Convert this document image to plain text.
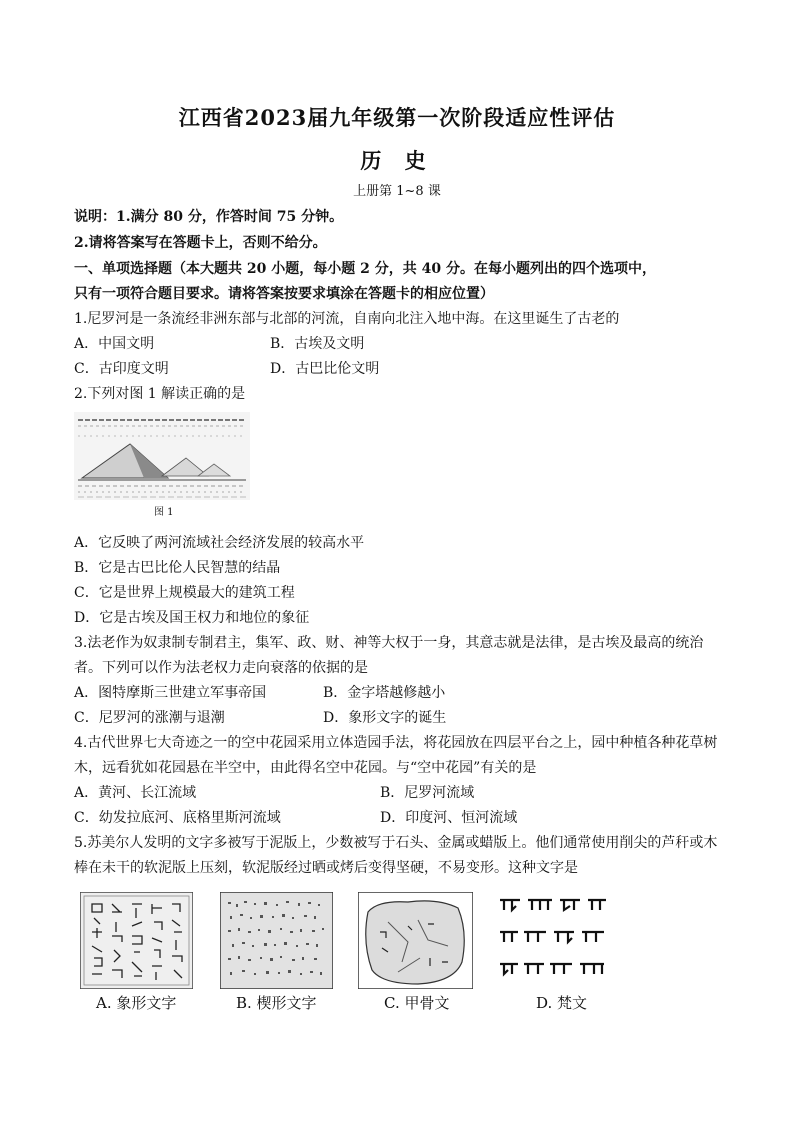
江西省2023届九年级第一次阶段适应性评估
历 史
上册第 1~8 课
说明：1.满分 80 分，作答时间 75 分钟。
2.请将答案写在答题卡上，否则不给分。
一、单项选择题（本大题共 20 小题，每小题 2 分，共 40 分。在每小题列出的四个选项中，
只有一项符合题目要求。请将答案按要求填涂在答题卡的相应位置）
1.尼罗河是一条流经非洲东部与北部的河流，自南向北注入地中海。在这里诞生了古老的
A．中国文明	B．古埃及文明
C．古印度文明	D．古巴比伦文明
2.下列对图 1 解读正确的是
图 1
A．它反映了两河流域社会经济发展的较高水平
B．它是古巴比伦人民智慧的结晶
C．它是世界上规模最大的建筑工程
D．它是古埃及国王权力和地位的象征
3.法老作为奴隶制专制君主，集军、政、财、神等大权于一身，其意志就是法律，是古埃及最高的统治
者。下列可以作为法老权力走向衰落的依据的是
A．图特摩斯三世建立军事帝国	B．金字塔越修越小
C．尼罗河的涨潮与退潮	D．象形文字的诞生
4.古代世界七大奇迹之一的空中花园采用立体造园手法，将花园放在四层平台之上，园中种植各种花草树
木，远看犹如花园悬在半空中，由此得名空中花园。与“空中花园”有关的是
A．黄河、长江流域	B．尼罗河流域
C．幼发拉底河、底格里斯河流域	D．印度河、恒河流域
5.苏美尔人发明的文字多被写于泥版上，少数被写于石头、金属或蜡版上。他们通常使用削尖的芦秆或木
棒在未干的软泥版上压刻，软泥版经过晒或烤后变得坚硬，不易变形。这种文字是
A. 象形文字	B. 楔形文字	C. 甲骨文	D. 梵文
